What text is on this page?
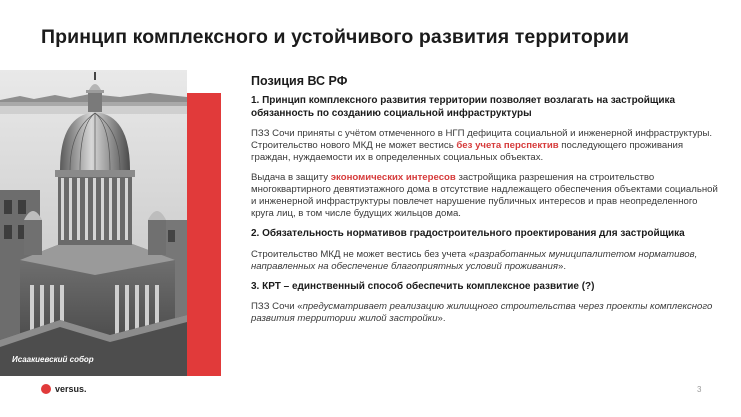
Принцип комплексного и устойчивого развития территории
Исаакиевский собор
Позиция ВС РФ
1. Принцип комплексного развития территории позволяет возлагать на застройщика обязанность по созданию социальной инфраструктуры

ПЗЗ Сочи приняты с учётом отмеченного в НГП дефицита социальной и инженерной инфраструктуры. Строительство нового МКД не может вестись без учета перспектив последующего проживания граждан, нуждаемости их в определенных социальных объектах.

Выдача в защиту экономических интересов застройщика разрешения на строительство многоквартирного девятиэтажного дома в отсутствие надлежащего обеспечения объектами социальной и инженерной инфраструктуры повлечет нарушение публичных интересов и прав неопределенного круга лиц, в том числе будущих жильцов дома.

2. Обязательность нормативов градостроительного проектирования для застройщика

Строительство МКД не может вестись без учета «разработанных муниципалитетом нормативов, направленных на обеспечение благоприятных условий проживания».

3. КРТ – единственный способ обеспечить комплексное развитие (?)

ПЗЗ Сочи «предусматривает реализацию жилищного строительства через проекты комплексного развития территории жилой застройки».

versus.	3
